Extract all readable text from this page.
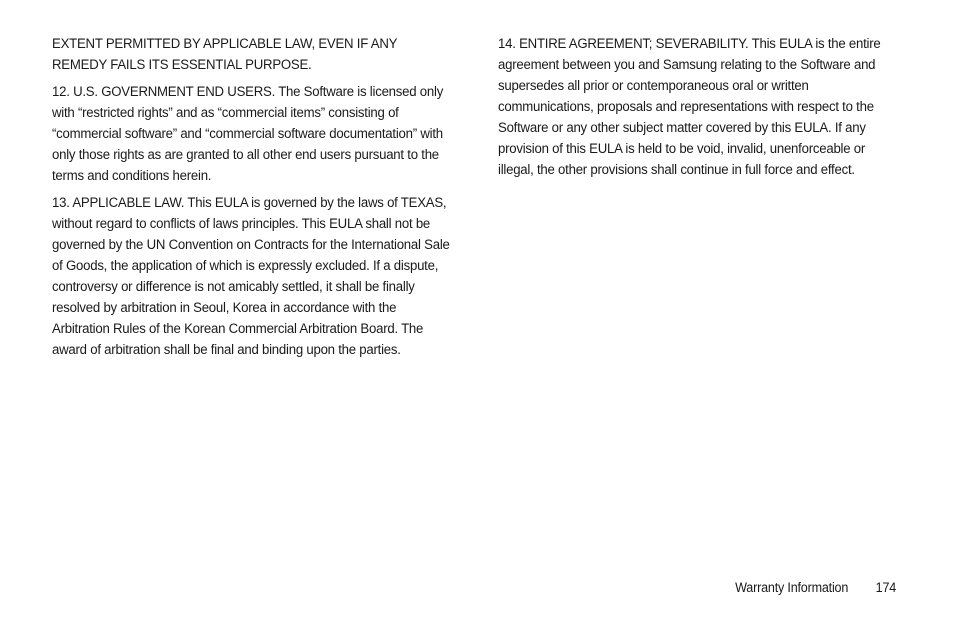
EXTENT PERMITTED BY APPLICABLE LAW, EVEN IF ANY REMEDY FAILS ITS ESSENTIAL PURPOSE.

12. U.S. GOVERNMENT END USERS. The Software is licensed only with “restricted rights” and as “commercial items” consisting of “commercial software” and “commercial software documentation” with only those rights as are granted to all other end users pursuant to the terms and conditions herein.

13. APPLICABLE LAW. This EULA is governed by the laws of TEXAS, without regard to conflicts of laws principles. This EULA shall not be governed by the UN Convention on Contracts for the International Sale of Goods, the application of which is expressly excluded. If a dispute, controversy or difference is not amicably settled, it shall be finally resolved by arbitration in Seoul, Korea in accordance with the Arbitration Rules of the Korean Commercial Arbitration Board. The award of arbitration shall be final and binding upon the parties.

14. ENTIRE AGREEMENT; SEVERABILITY. This EULA is the entire agreement between you and Samsung relating to the Software and supersedes all prior or contemporaneous oral or written communications, proposals and representations with respect to the Software or any other subject matter covered by this EULA. If any provision of this EULA is held to be void, invalid, unenforceable or illegal, the other provisions shall continue in full force and effect.

Warranty Information 174
